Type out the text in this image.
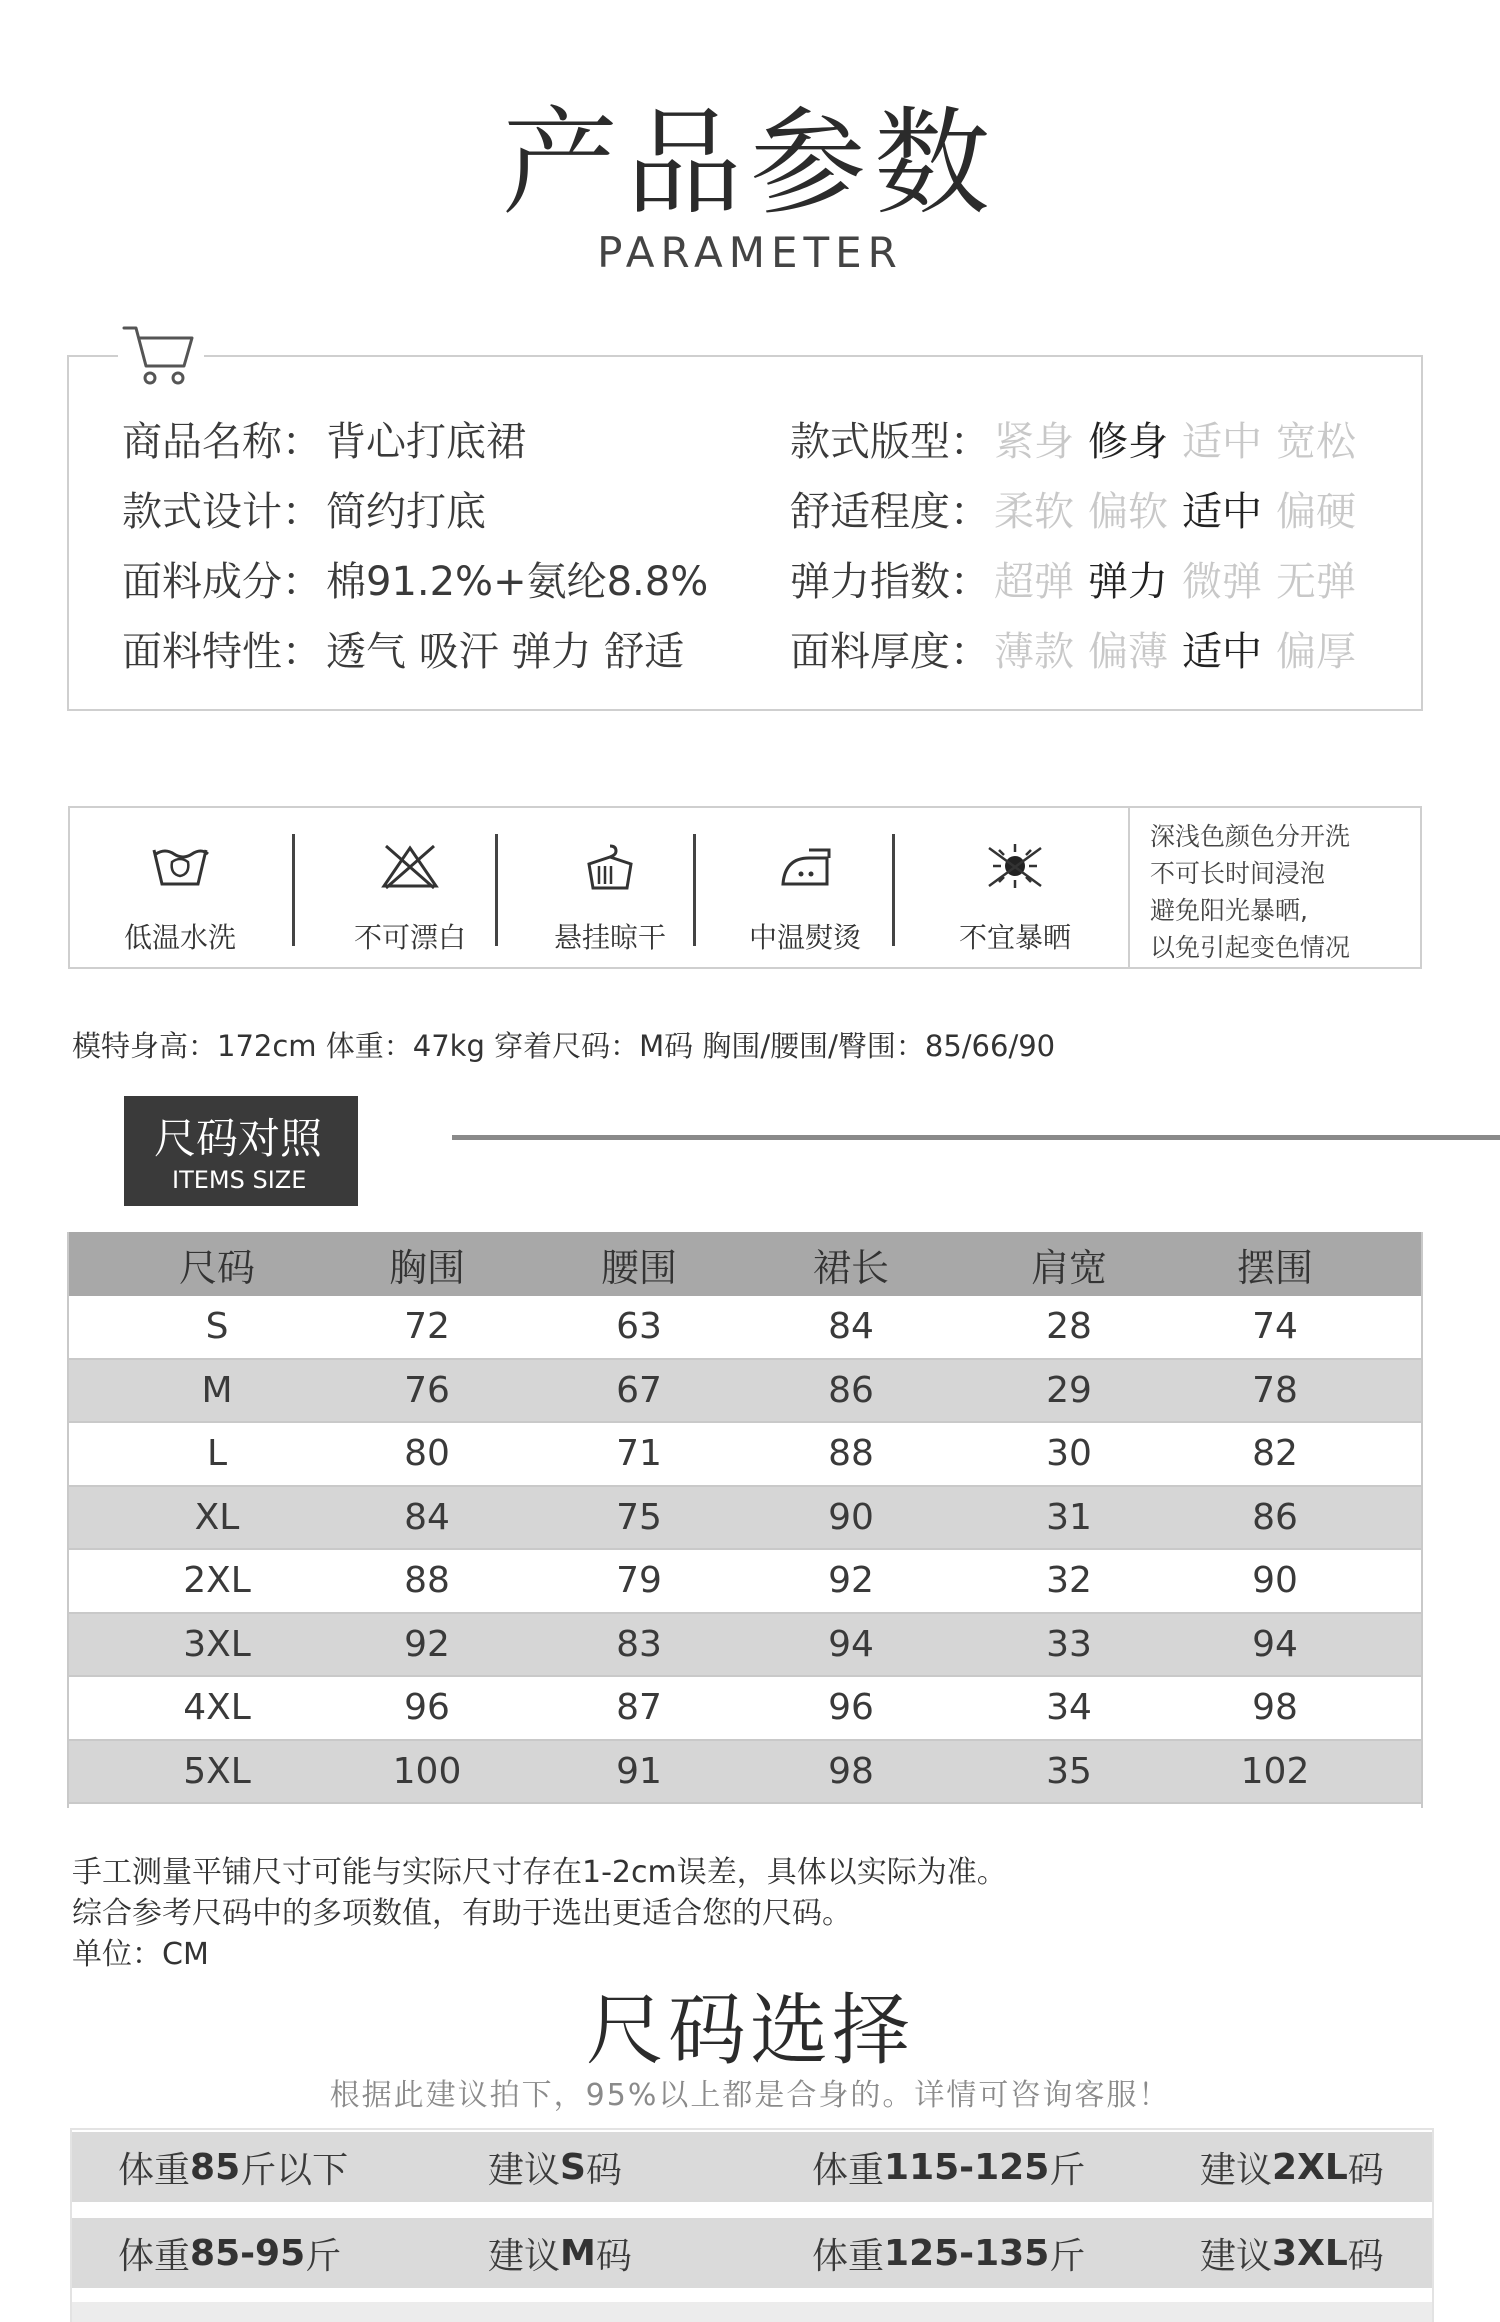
产品参数
PARAMETER
商品名称： 背心打底裙
款式设计： 简约打底
面料成分： 棉91.2%+氨纶8.8%
面料特性： 透气 吸汗 弹力 舒适
款式版型： 紧身 修身 适中 宽松
舒适程度： 柔软 偏软 适中 偏硬
弹力指数： 超弹 弹力 微弹 无弹
面料厚度： 薄款 偏薄 适中 偏厚
低温水洗	不可漂白	悬挂晾干	中温熨烫	不宜暴晒
深浅色颜色分开洗
不可长时间浸泡
避免阳光暴晒,
以免引起变色情况
模特身高：172cm 体重：47kg 穿着尺码：M码 胸围/腰围/臀围：85/66/90
尺码对照
ITEMS SIZE
尺码	胸围	腰围	裙长	肩宽	摆围
S	72	63	84	28	74
M	76	67	86	29	78
L	80	71	88	30	82
XL	84	75	90	31	86
2XL	88	79	92	32	90
3XL	92	83	94	33	94
4XL	96	87	96	34	98
5XL	100	91	98	35	102
手工测量平铺尺寸可能与实际尺寸存在1-2cm误差，具体以实际为准。
综合参考尺码中的多项数值，有助于选出更适合您的尺码。
单位：CM
尺码选择
根据此建议拍下，95%以上都是合身的。详情可咨询客服！
体重 85 斤以下	建议 S 码	体重 115-125 斤	建议 2XL 码
体重 85-95 斤	建议 M 码	体重 125-135 斤	建议 3XL 码
